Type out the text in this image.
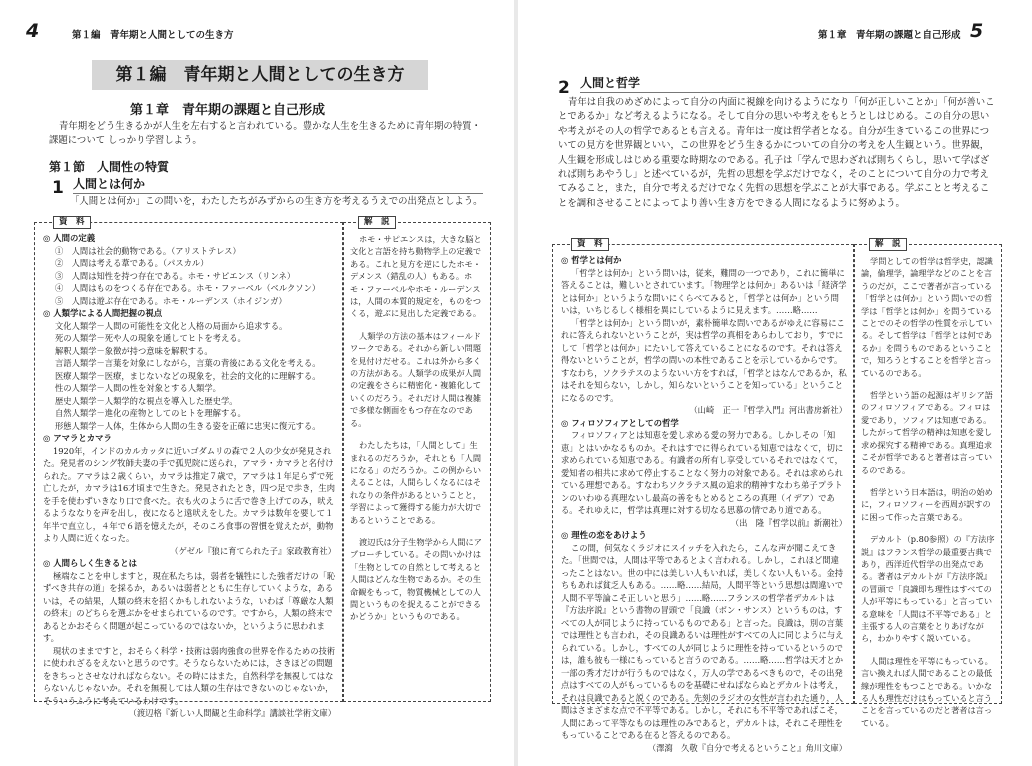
4	第１編　青年期と人間としての生き方
第１編　青年期と人間としての生き方
第１章　青年期の課題と自己形成

青年期をどう生きるかが人生を左右すると言われている。豊かな人生を生きるために青年期の特質・課題について しっかり学習しよう。

第１節　人間性の特質
1 人間とは何か

「人間とは何か」この問いを，わたしたちがみずからの生き方を考えるうえでの出発点としよう。

資　料
◎ 人間の定義
①　人間は社会的動物である。（アリストテレス）
②　人間は考える葦である。（パスカル）
③　人間は知性を持つ存在である。ホモ・サピエンス（リンネ）
④　人間はものをつくる存在である。ホモ・ファーベル（ベルクソン）
⑤　人間は遊ぶ存在である。ホモ・ルーデンス（ホイジンガ）
◎ 人類学による人間把握の視点
文化人類学－人間の可能性を文化と人格の局面から追求する。
死の人類学－死や人の現象を通してヒトを考える。
解釈人類学－象徴が持つ意味を解釈する。
言語人類学－言葉を対象にしながら，言葉の背後にある文化を考える。
医療人類学－医療，まじないなどの現象を，社会的文化的に理解する。
性の人類学－人間の性を対象とする人類学。
歴史人類学－人類学的な視点を導入した歴史学。
自然人類学－進化の産物としてのヒトを理解する。
形態人類学－人体，生体から人間の生きる姿を正確に忠実に復元する。
◎ アマラとカマラ
1920年，インドのカルカッタに近いゴダムリの森で２人の少女が発見された。発見者のシング牧師夫妻の手で孤児院に送られ，アマラ・カマラと名付けられた。アマラは２歳くらい，カマラは推定７歳で，アマラは１年足らずで死亡したが，カマラは16才頃まで生きた。発見されたとき，四つ足で歩き，生肉を手を使わずいきなり口で食べた。衣も火のように舌で巻き上げてのみ，吠えるようななりを声を出し，夜になると遠吠えをした。カマラは数年を要して１年半で直立し，４年で６語を憶えたが，そのころ食事の習慣を覚えたが，動物より人間に近くなった。
（ゲゼル『狼に育てられた子』家政教育社）
◎ 人間らしく生きるとは
極端なことを申しますと，現在私たちは，弱者を犠牲にした強者だけの「恥ずべき共存の道」を採るか，あるいは弱者とともに生存していくような，あるいは，その結果，人類の終末を招くかもしれないような，いわば「尊厳な人類の終末」のどちらを選ぶかをせまられているのです。ですから，人類の終末であるとかおそらく問題が起こっているのではないか，というように思われます。
現状のままですと，おそらく科学・技術は弱肉強食の世界を作るための技術に使われざるをえないと思うのです。そうならないためには，さきほどの問題をきちっとさせなければならない。その時にはまた，自然科学を無視してはならないんじゃないか。それを無視しては人類の生存はできないのじゃないか，そういうふうに考えているわけです。
（渡辺格『新しい人間観と生命科学』講談社学術文庫）
解　説

ホモ・サピエンスは，大きな脳と文化と言語を持ち動物学上の定義である。これと見方を逆にしたホモ・デメンス（錯乱の人）もある。ホモ・ファーベルやホモ・ルーデンスは，人間の本質的規定を，ものをつくる，遊ぶに見出した定義である。

人類学の方法の基本はフィールドワークである。それから新しい問題を見付けだせる。これは外から多くの方法がある。人類学の成果が人間の定義をさらに精密化・複雑化していくのだろう。それだけ人間は複雑で多様な側面をもつ存在なのである。

わたしたちは，「人間として」生まれるのだろうか，それとも「人間になる」のだろうか。この例からいえることは，人間らしくなるにはそれなりの条件があるということと，学習によって獲得する能力が大切であるということである。

渡辺氏は分子生物学から人間にアプローチしている。その問いかけは「生物としての自然として考えると人間はどんな生物であるか。その生命観をもって，物質機械としての人間というものを捉えることができるかどうか」というものである。

第１章　青年期の課題と自己形成 5
2 人間と哲学

青年は自我のめざめによって自分の内面に視線を向けるようになり「何が正しいことか」「何が善いことであるか」など考えるようになる。そして自分の思いや考えをもとうとしはじめる。この自分の思いや考えがその人の哲学であるとも言える。青年は一度は哲学者となる。自分が生きているこの世界についての見方を世界観といい，この世界をどう生きるかについての自分の考えを人生観という。世界観，人生観を形成しはじめる重要な時期なのである。孔子は「学んで思わざれば則ちくらし，思いて学ばざれば則ちあやうし」と述べているが，先哲の思想を学ぶだけでなく，そのことについて自分の力で考えてみること，また，自分で考えるだけでなく先哲の思想を学ぶことが大事である。学ぶことと考えることを調和させることによってより善い生き方をできる人間になるように努めよう。

資　料
◎ 哲学とは何か
「哲学とは何か」という問いは，従来，難問の一つであり，これに簡単に答えることは，難しいとされています。「物理学とは何か」あるいは「経済学とは何か」というような問いにくらべてみると，「哲学とは何か」という問いは，いちじるしく様相を異にしているように見えます。……略……
「哲学とは何か」という問いが，素朴簡単な問いであるがゆえに容易にこれに答えられないということが，実は哲学の真相をあらわしており，すでにして「哲学とは何か」にたいして答えていることになるのです。それは答え得ないということが，哲学の問いの本性であることを示しているからです。すなわち，ソクラテスのようないい方をすれば，「哲学とはなんであるか，私はそれを知らない，しかし，知らないということを知っている」ということになるのです。
（山崎　正一『哲学入門』河出書房新社）
◎ フィロソフィアとしての哲学
フィロソフィアとは知恵を愛し求める愛の努力である。しかしその「知恵」とはいかなるものか。それはすでに得られている知恵ではなくて，切に求められている知恵である。有識者の所有し享受しているそれではなくて，愛知者の相共に求めて停止することなく努力の対象である。それは求められている理想である。すなわちソクラテス風の追求的精神すなわち弟子プラトンのいわゆる真理ないし最高の善をもとめるところの真理（イデア）である。それゆえに，哲学は真理に対する切なる思慕の情であり道である。
（出　隆『哲学以前』新潮社）
◎ 理性の恋をあけよう
この間，何気なくラジオにスイッチを入れたら，こんな声が聞こえてきた。「世間では，人間は平等であるとよく言われる。しかし，これほど間違ったことはない。世の中には美しい人もいれば，美しくない人もいる。金持ちもあれば貧乏人もある。……略……結局，人間平等という思想は間違いで人間不平等論こそ正しいと思う」……略……フランスの哲学者デカルトは『方法序説』という書物の冒頭で「良識（ボン・サンス）というものは，すべての人が同じように持っているものである」と言った。良識は，別の言葉では理性とも言われ，その良識あるいは理性がすべての人に同じように与えられている。しかし，すべての人が同じように理性を持っているというのでは，誰も彼も一様にもっていると言うのである。……略……哲学は天才とか一部の秀才だけが行うものではなく，万人の学であるべきもので，その出発点はすべての人がもっているものを基礎にせねばならぬとデカルトは考え，それは良識であると説くのである。先刻のラジオの女性が言われた通り，人間はさまざまな点で不平等である。しかし，それにも不平等であればこそ，人間にあって平等なものは理性のみであると，デカルトは，それこそ理性をもっていることである在ると答えるのである。
（澤瀉　久敬『自分で考えるということ』角川文庫）
解　説

学問としての哲学は哲学史，認識論，倫理学，論理学などのことを言うのだが，ここで著者が言っている「哲学とは何か」という問いでの哲学は「哲学とは何か」を問うていることでのその哲学の性質を示している。そして哲学は「哲学とは何であるか」を問うものであるということで，知ろうとすることを哲学と言っているのである。

哲学という語の起源はギリシア語のフィロソフィアである。フィロは愛であり，ソフィアは知恵である。したがって哲学の精神は知恵を愛し求め探究する精神である。真理追求こそが哲学であると著者は言っているのである。

哲学という日本語は，明治の始めに，フィロソフィーを西周が訳すのに困って作った言葉である。

デカルト（p.80参照）の『方法序説』はフランス哲学の最重要古典であり，西洋近代哲学の出発点である。著者はデカルトが『方法序説』の冒頭で「良識即ち理性はすべての人が平等にもっている」と言っている意味を「人間は不平等である」と主張する人の言葉をとりあげながら，わかりやすく説いている。

人間は理性を平等にもっている。言い換えれば人間であることの最低線が理性をもつことである。いかなる人も理性だけはもっていると言うことを言っているのだと著者は言っている。
